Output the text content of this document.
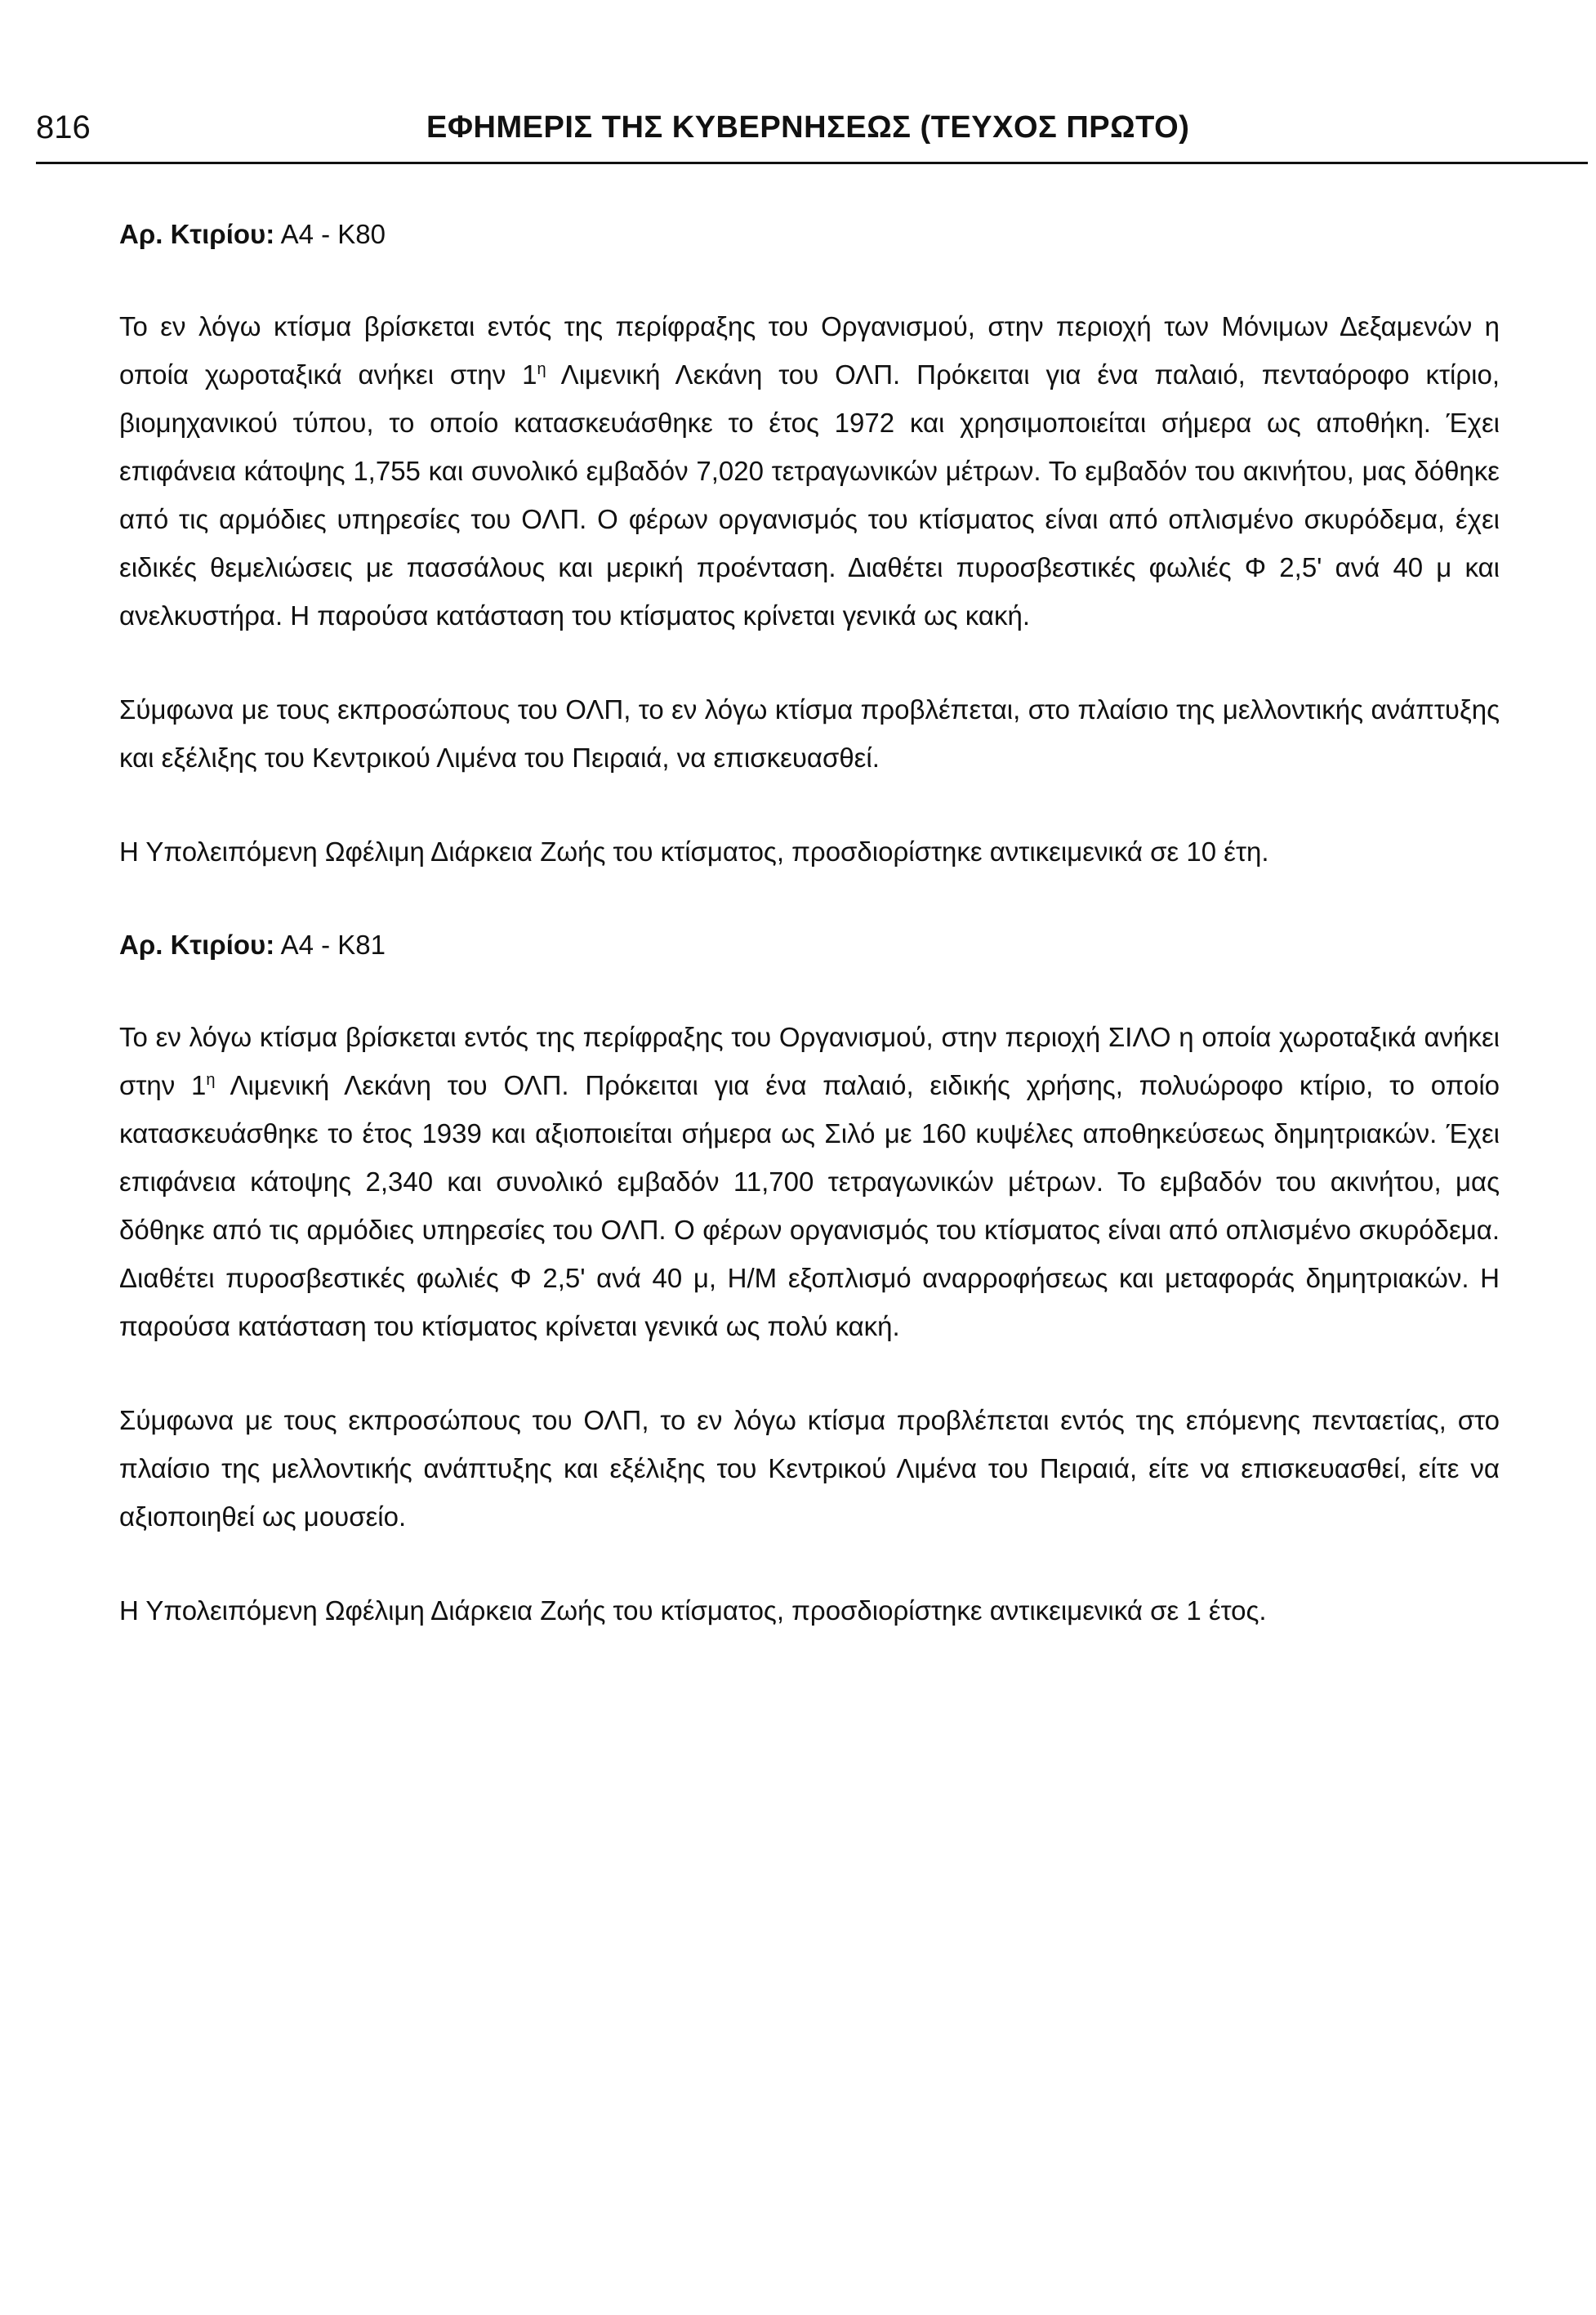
816	ΕΦΗΜΕΡΙΣ ΤΗΣ ΚΥΒΕΡΝΗΣΕΩΣ (ΤΕΥΧΟΣ ΠΡΩΤΟ)

Αρ. Κτιρίου: Α4 - Κ80

Το εν λόγω κτίσμα βρίσκεται εντός της περίφραξης του Οργανισμού, στην περιοχή των Μόνιμων Δεξαμενών η οποία χωροταξικά ανήκει στην $1^\eta$ Λιμενική Λεκάνη του ΟΛΠ. Πρόκειται για ένα παλαιό, πενταόροφο κτίριο, βιομηχανικού τύπου, το οποίο κατασκευάσθηκε το έτος 1972 και χρησιμοποιείται σήμερα ως αποθήκη. Έχει επιφάνεια κάτοψης 1,755 και συνολικό εμβαδόν 7,020 τετραγωνικών μέτρων. Το εμβαδόν του ακινήτου, μας δόθηκε από τις αρμόδιες υπηρεσίες του ΟΛΠ. Ο φέρων οργανισμός του κτίσματος είναι από οπλισμένο σκυρόδεμα, έχει ειδικές θεμελιώσεις με πασσάλους και μερική προένταση. Διαθέτει πυροσβεστικές φωλιές Φ 2,5' ανά 40 μ και ανελκυστήρα. Η παρούσα κατάσταση του κτίσματος κρίνεται γενικά ως κακή.

Σύμφωνα με τους εκπροσώπους του ΟΛΠ, το εν λόγω κτίσμα προβλέπεται, στο πλαίσιο της μελλοντικής ανάπτυξης και εξέλιξης του Κεντρικού Λιμένα του Πειραιά, να επισκευασθεί.

Η Υπολειπόμενη Ωφέλιμη Διάρκεια Ζωής του κτίσματος, προσδιορίστηκε αντικειμενικά σε 10 έτη.

Αρ. Κτιρίου: Α4 - Κ81

Το εν λόγω κτίσμα βρίσκεται εντός της περίφραξης του Οργανισμού, στην περιοχή ΣΙΛΟ η οποία χωροταξικά ανήκει στην $1^\eta$ Λιμενική Λεκάνη του ΟΛΠ. Πρόκειται για ένα παλαιό, ειδικής χρήσης, πολυώροφο κτίριο, το οποίο κατασκευάσθηκε το έτος 1939 και αξιοποιείται σήμερα ως Σιλό με 160 κυψέλες αποθηκεύσεως δημητριακών. Έχει επιφάνεια κάτοψης 2,340 και συνολικό εμβαδόν 11,700 τετραγωνικών μέτρων. Το εμβαδόν του ακινήτου, μας δόθηκε από τις αρμόδιες υπηρεσίες του ΟΛΠ. Ο φέρων οργανισμός του κτίσματος είναι από οπλισμένο σκυρόδεμα. Διαθέτει πυροσβεστικές φωλιές Φ 2,5' ανά 40 μ, Η/Μ εξοπλισμό αναρροφήσεως και μεταφοράς δημητριακών. Η παρούσα κατάσταση του κτίσματος κρίνεται γενικά ως πολύ κακή.

Σύμφωνα με τους εκπροσώπους του ΟΛΠ, το εν λόγω κτίσμα προβλέπεται εντός της επόμενης πενταετίας, στο πλαίσιο της μελλοντικής ανάπτυξης και εξέλιξης του Κεντρικού Λιμένα του Πειραιά, είτε να επισκευασθεί, είτε να αξιοποιηθεί ως μουσείο.

Η Υπολειπόμενη Ωφέλιμη Διάρκεια Ζωής του κτίσματος, προσδιορίστηκε αντικειμενικά σε 1 έτος.
